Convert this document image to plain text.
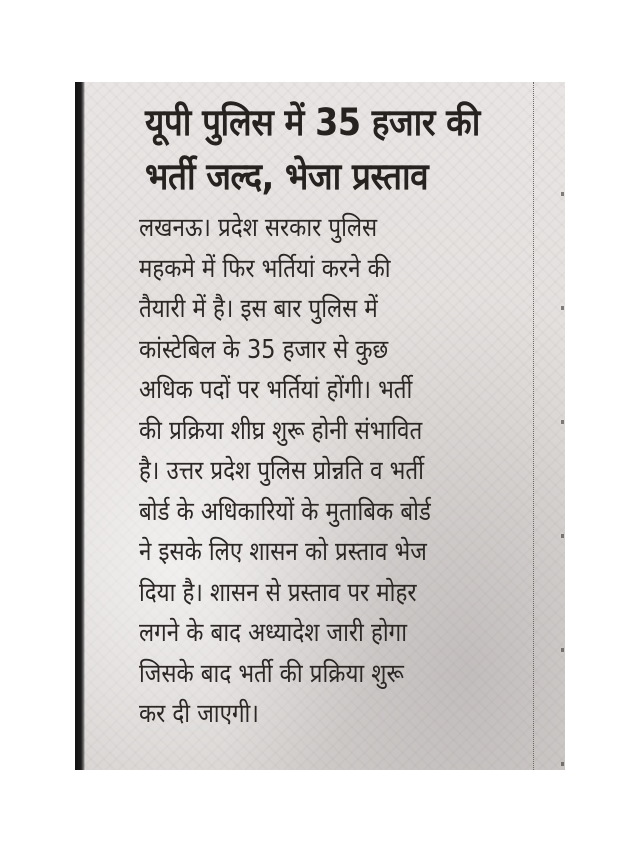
यूपी पुलिस में 35 हजार की
भर्ती जल्द, भेजा प्रस्ताव
लखनऊ। प्रदेश सरकार पुलिस
महकमे में फिर भर्तियां करने की
तैयारी में है। इस बार पुलिस में
कांस्टेबिल के 35 हजार से कुछ
अधिक पदों पर भर्तियां होंगी। भर्ती
की प्रक्रिया शीघ्र शुरू होनी संभावित
है। उत्तर प्रदेश पुलिस प्रोन्नति व भर्ती
बोर्ड के अधिकारियों के मुताबिक बोर्ड
ने इसके लिए शासन को प्रस्ताव भेज
दिया है। शासन से प्रस्ताव पर मोहर
लगने के बाद अध्यादेश जारी होगा
जिसके बाद भर्ती की प्रक्रिया शुरू
कर दी जाएगी।
